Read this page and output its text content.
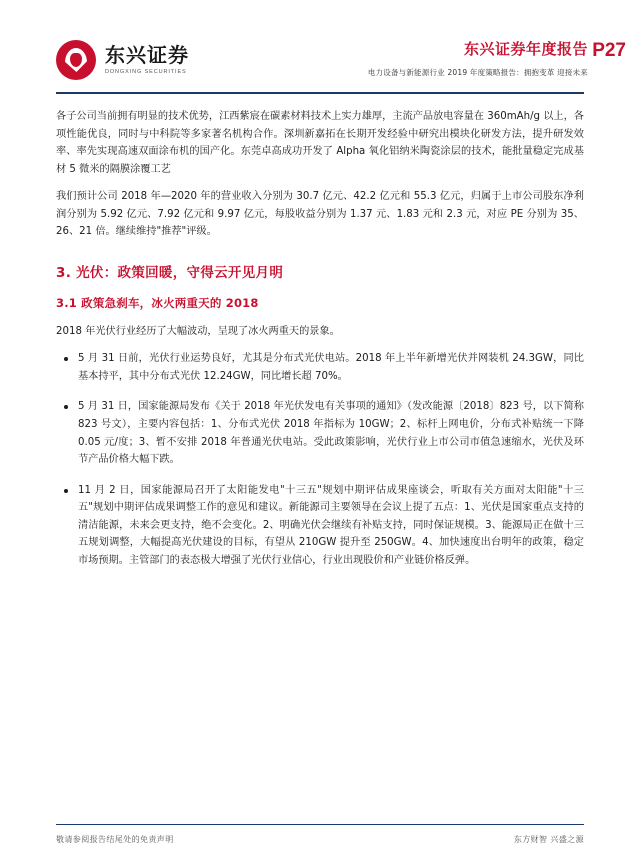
东兴证券
DONGXING SECURITIES
东兴证券年度报告
电力设备与新能源行业 2019 年度策略报告：拥抱变革 迎接未来
P27

各子公司当前拥有明显的技术优势，江西紫宸在碳素材料技术上实力雄厚，主流产品放电容量在 360mAh/g 以上，各项性能优良，同时与中科院等多家著名机构合作。深圳新嘉拓在长期开发经验中研究出模块化研发方法，提升研发效率、率先实现高速双面涂布机的国产化。东莞卓高成功开发了 Alpha 氧化铝纳米陶瓷涂层的技术，能批量稳定完成基材 5 微米的隔膜涂覆工艺

我们预计公司 2018 年—2020 年的营业收入分别为 30.7 亿元、42.2 亿元和 55.3 亿元，归属于上市公司股东净利润分别为 5.92 亿元、7.92 亿元和 9.97 亿元，每股收益分别为 1.37 元、1.83 元和 2.3 元，对应 PE 分别为 35、26、21 倍。继续维持"推荐"评级。

3. 光伏：政策回暖，守得云开见月明
3.1 政策急刹车，冰火两重天的 2018

2018 年光伏行业经历了大幅波动，呈现了冰火两重天的景象。

5 月 31 日前，光伏行业运势良好，尤其是分布式光伏电站。2018 年上半年新增光伏并网装机 24.3GW，同比基本持平，其中分布式光伏 12.24GW，同比增长超 70%。
5 月 31 日，国家能源局发布《关于 2018 年光伏发电有关事项的通知》（发改能源〔2018〕823 号，以下简称 823 号文），主要内容包括：1、分布式光伏 2018 年指标为 10GW；2、标杆上网电价，分布式补贴统一下降 0.05 元/度；3、暂不安排 2018 年普通光伏电站。受此政策影响，光伏行业上市公司市值急速缩水，光伏及环节产品价格大幅下跌。
11 月 2 日，国家能源局召开了太阳能发电"十三五"规划中期评估成果座谈会，听取有关方面对太阳能"十三五"规划中期评估成果调整工作的意见和建议。新能源司主要领导在会议上提了五点：1、光伏是国家重点支持的清洁能源，未来会更支持，绝不会变化。2、明确光伏会继续有补贴支持，同时保证规模。3、能源局正在做十三五规划调整，大幅提高光伏建设的目标，有望从 210GW 提升至 250GW。4、加快速度出台明年的政策，稳定市场预期。主管部门的表态极大增强了光伏行业信心，行业出现股价和产业链价格反弹。
敬请参阅报告结尾处的免责声明	东方财智 兴盛之源
